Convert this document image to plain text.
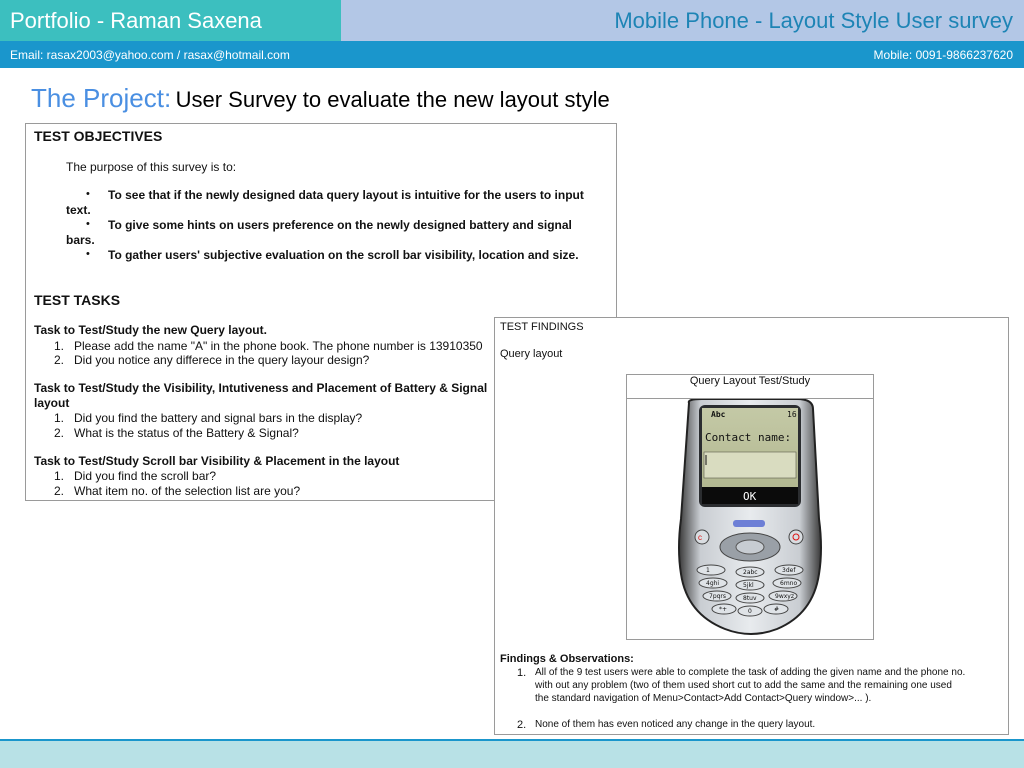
Portfolio - Raman Saxena	Mobile Phone - Layout Style User survey
Email: rasax2003@yahoo.com / rasax@hotmail.com	Mobile: 0091-9866237620
The Project: User Survey to evaluate the new layout style
TEST OBJECTIVES
The purpose of this survey is to:
• To see that if the newly designed data query layout is intuitive for the users to input
text.
• To give some hints on users preference on the newly designed battery and signal
bars.
• To gather users' subjective evaluation on the scroll bar visibility, location and size.
TEST TASKS
Task to Test/Study the new Query layout.
1. Please add the name "A" in the phone book. The phone number is 13910350
2. Did you notice any differece in the query layour design?
Task to Test/Study the Visibility, Intutiveness and Placement of Battery & Signal
layout
1. Did you find the battery and signal bars in the display?
2. What is the status of the Battery & Signal?
Task to Test/Study Scroll bar Visibility & Placement in the layout
1. Did you find the scroll bar?
2. What item no. of the selection list are you?
TEST FINDINGS
Query layout
Query Layout Test/Study
Abc	16
Contact name:
OK
c
1	2abc	3def
4ghi	5jkl	6mno
7pqrs	8tuv	9wxyz
*+	0	#
Findings & Observations:
1. All of the 9 test users were able to complete the task of adding the given name and the phone no.
with out any problem (two of them used short cut to add the same and the remaining one used
the standard navigation of Menu>Contact>Add Contact>Query window>... ).
2. None of them has even noticed any change in the query layout.
